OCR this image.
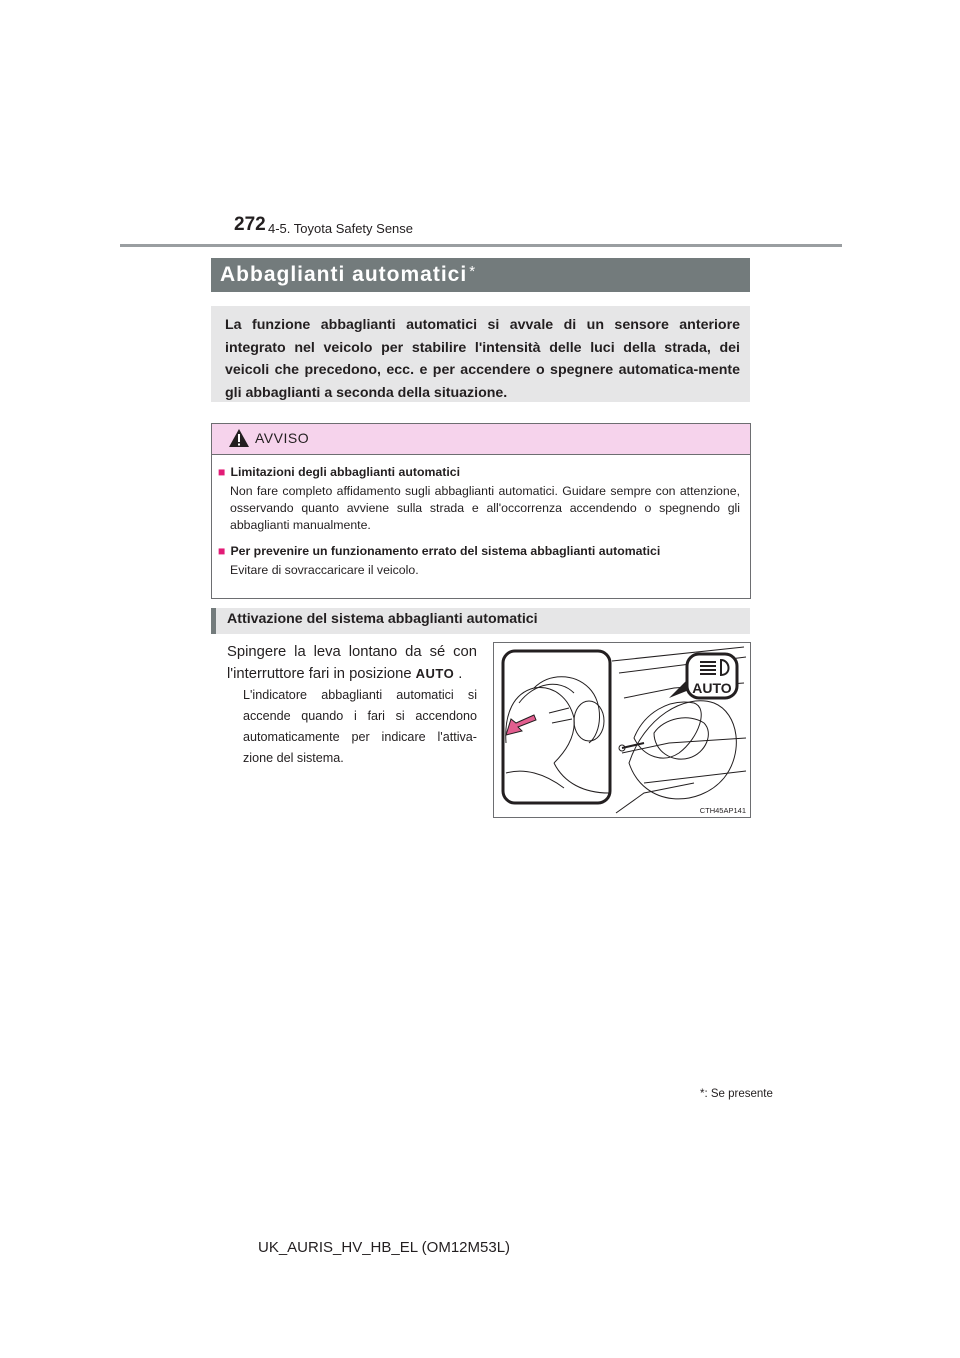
272 4-5. Toyota Safety Sense
Abbaglianti automatici *

La funzione abbaglianti automatici si avvale di un sensore anteriore integrato nel veicolo per stabilire l'intensità delle luci della strada, dei veicoli che precedono, ecc. e per accendere o spegnere automatica-mente gli abbaglianti a seconda della situazione.

AVVISO
■ Limitazioni degli abbaglianti automatici
Non fare completo affidamento sugli abbaglianti automatici. Guidare sempre con attenzione, osservando quanto avviene sulla strada e all'occorrenza accendendo o spegnendo gli abbaglianti manualmente.
■ Per prevenire un funzionamento errato del sistema abbaglianti automatici
Evitare di sovraccaricare il veicolo.
Attivazione del sistema abbaglianti automatici
Spingere la leva lontano da sé con l'interruttore fari in posizione AUTO .
L'indicatore abbaglianti automatici si accende quando i fari si accendono automaticamente per indicare l'attiva-zione del sistema.
AUTO
CTH45AP141
*: Se presente
UK_AURIS_HV_HB_EL (OM12M53L)
